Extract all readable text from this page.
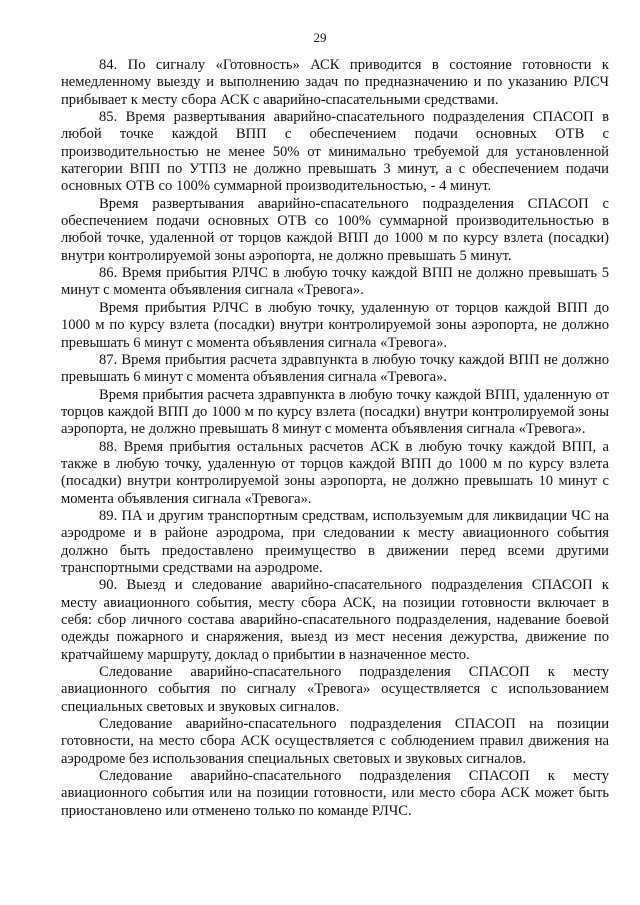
29

84. По сигналу «Готовность» АСК приводится в состояние готовности к немедленному выезду и выполнению задач по предназначению и по указанию РЛСЧ прибывает к месту сбора АСК с аварийно-спасательными средствами.

85. Время развертывания аварийно-спасательного подразделения СПАСОП в любой точке каждой ВПП с обеспечением подачи основных ОТВ с производительностью не менее 50% от минимально требуемой для установленной категории ВПП по УТПЗ не должно превышать 3 минут, а с обеспечением подачи основных ОТВ со 100% суммарной производительностью, - 4 минут.

Время развертывания аварийно-спасательного подразделения СПАСОП с обеспечением подачи основных ОТВ со 100% суммарной производительностью в любой точке, удаленной от торцов каждой ВПП до 1000 м по курсу взлета (посадки) внутри контролируемой зоны аэропорта, не должно превышать 5 минут.

86. Время прибытия РЛЧС в любую точку каждой ВПП не должно превышать 5 минут с момента объявления сигнала «Тревога».

Время прибытия РЛЧС в любую точку, удаленную от торцов каждой ВПП до 1000 м по курсу взлета (посадки) внутри контролируемой зоны аэропорта, не должно превышать 6 минут с момента объявления сигнала «Тревога».

87. Время прибытия расчета здравпункта в любую точку каждой ВПП не должно превышать 6 минут с момента объявления сигнала «Тревога».

Время прибытия расчета здравпункта в любую точку каждой ВПП, удаленную от торцов каждой ВПП до 1000 м по курсу взлета (посадки) внутри контролируемой зоны аэропорта, не должно превышать 8 минут с момента объявления сигнала «Тревога».

88. Время прибытия остальных расчетов АСК в любую точку каждой ВПП, а также в любую точку, удаленную от торцов каждой ВПП до 1000 м по курсу взлета (посадки) внутри контролируемой зоны аэропорта, не должно превышать 10 минут с момента объявления сигнала «Тревога».

89. ПА и другим транспортным средствам, используемым для ликвидации ЧС на аэродроме и в районе аэродрома, при следовании к месту авиационного события должно быть предоставлено преимущество в движении перед всеми другими транспортными средствами на аэродроме.

90. Выезд и следование аварийно-спасательного подразделения СПАСОП к месту авиационного события, месту сбора АСК, на позиции готовности включает в себя: сбор личного состава аварийно-спасательного подразделения, надевание боевой одежды пожарного и снаряжения, выезд из мест несения дежурства, движение по кратчайшему маршруту, доклад о прибытии в назначенное место.

Следование аварийно-спасательного подразделения СПАСОП к месту авиационного события по сигналу «Тревога» осуществляется с использованием специальных световых и звуковых сигналов.

Следование аварийно-спасательного подразделения СПАСОП на позиции готовности, на место сбора АСК осуществляется с соблюдением правил движения на аэродроме без использования специальных световых и звуковых сигналов.

Следование аварийно-спасательного подразделения СПАСОП к месту авиационного события или на позиции готовности, или место сбора АСК может быть приостановлено или отменено только по команде РЛЧС.
